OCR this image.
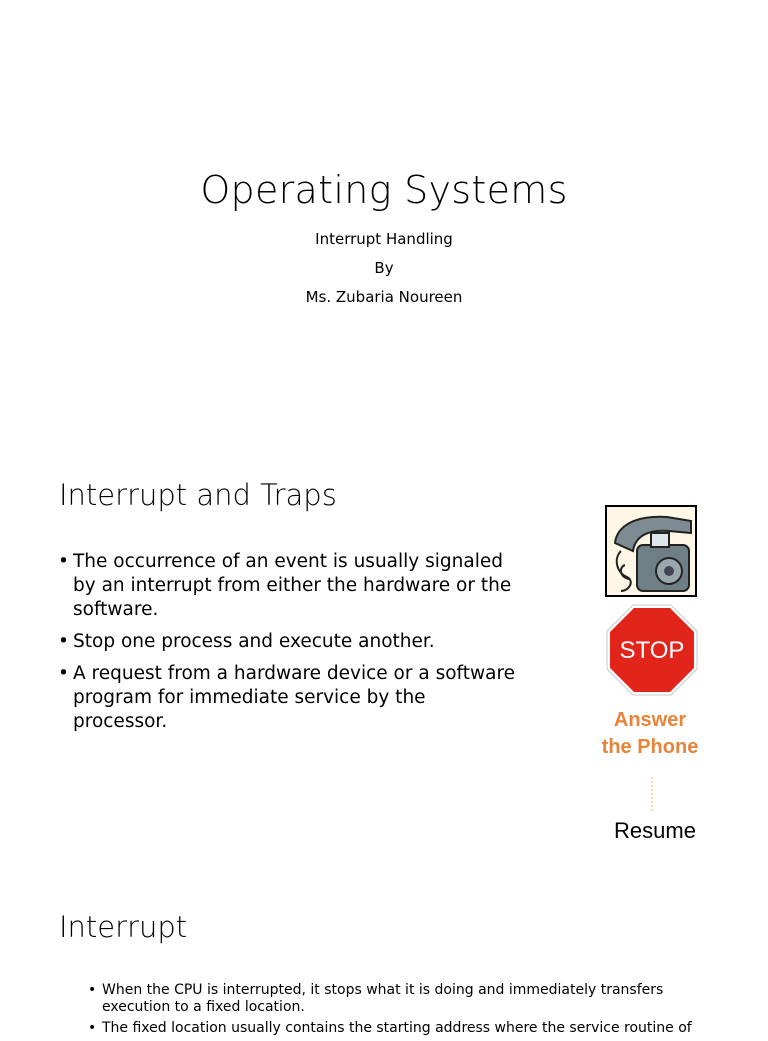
Operating Systems
Interrupt Handling
By
Ms. Zubaria Noureen
Interrupt and Traps
• The occurrence of an event is usually signaled by an interrupt from either the hardware or the software.
• Stop one process and execute another.
• A request from a hardware device or a software program for immediate service by the processor.
STOP
Answer
the Phone
Resume
Interrupt
• When the CPU is interrupted, it stops what it is doing and immediately transfers execution to a fixed location.
• The fixed location usually contains the starting address where the service routine of
